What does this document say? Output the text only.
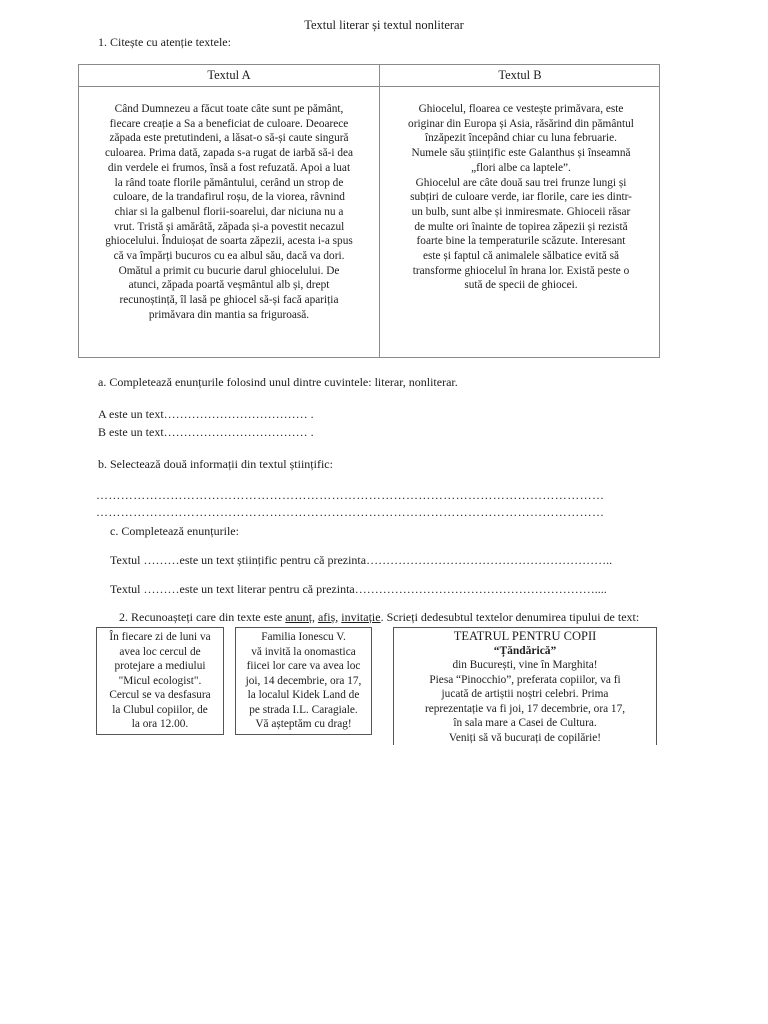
Textul literar și textul nonliterar
1. Citește cu atenție textele:
Textul A	Textul B
Când Dumnezeu a făcut toate câte sunt pe pământ,
fiecare creație a Sa a beneficiat de culoare. Deoarece
zăpada este pretutindeni, a lăsat-o să-și caute singură
culoarea. Prima dată, zapada s-a rugat de iarbă să-i dea
din verdele ei frumos, însă a fost refuzată. Apoi a luat
la rând toate florile pământului, cerând un strop de
culoare, de la trandafirul roșu, de la viorea, râvnind
chiar si la galbenul florii-soarelui, dar niciuna nu a
vrut. Tristă și amărâtă, zăpada și-a povestit necazul
ghiocelului. Înduioșat de soarta zăpezii, acesta i-a spus
că va împărți bucuros cu ea albul său, dacă va dori.
Omătul a primit cu bucurie darul ghiocelului. De
atunci, zăpada poartă veșmântul alb și, drept
recunoștință, îl lasă pe ghiocel să-și facă apariția
primăvara din mantia sa friguroasă.
Ghiocelul, floarea ce vestește primăvara, este
originar din Europa și Asia, răsărind din pământul
înzăpezit începând chiar cu luna februarie.
Numele său științific este Galanthus și înseamnă
„flori albe ca laptele”.
Ghiocelul are câte două sau trei frunze lungi și
subțiri de culoare verde, iar florile, care ies dintr-
un bulb, sunt albe și inmiresmate. Ghioceii răsar
de multe ori înainte de topirea zăpezii și rezistă
foarte bine la temperaturile scăzute. Interesant
este și faptul că animalele sălbatice evită să
transforme ghiocelul în hrana lor. Există peste o
sută de specii de ghiocei.
a. Completează enunțurile folosind unul dintre cuvintele: literar, nonliterar.
A este un text……………………………… .
B este un text……………………………… .
b. Selectează două informații din textul științific:
……………………………………………………………………………………………………………
……………………………………………………………………………………………………………
c. Completează enunțurile:
Textul ………este un text științific pentru că prezinta……………………………………………………..
Textul ………este un text literar pentru că prezinta……………………………………………………....
2. Recunoașteți care din texte este anunț, afiș, invitație. Scrieți dedesubtul textelor denumirea tipului de text:
În fiecare zi de luni va
avea loc cercul de
protejare a mediului
"Micul ecologist".
Cercul se va desfasura
la Clubul copiilor, de
la ora 12.00.
Familia Ionescu V.
vă invită la onomastica
fiicei lor care va avea loc
joi, 14 decembrie, ora 17,
la localul Kidek Land de
pe strada I.L. Caragiale.
Vă așteptăm cu drag!
TEATRUL PENTRU COPII
“Țăndărică”
din București, vine în Marghita!
Piesa “Pinocchio”, preferata copiilor, va fi
jucată de artiștii noștri celebri. Prima
reprezentație va fi joi, 17 decembrie, ora 17,
în sala mare a Casei de Cultura.
Veniți să vă bucurați de copilărie!
